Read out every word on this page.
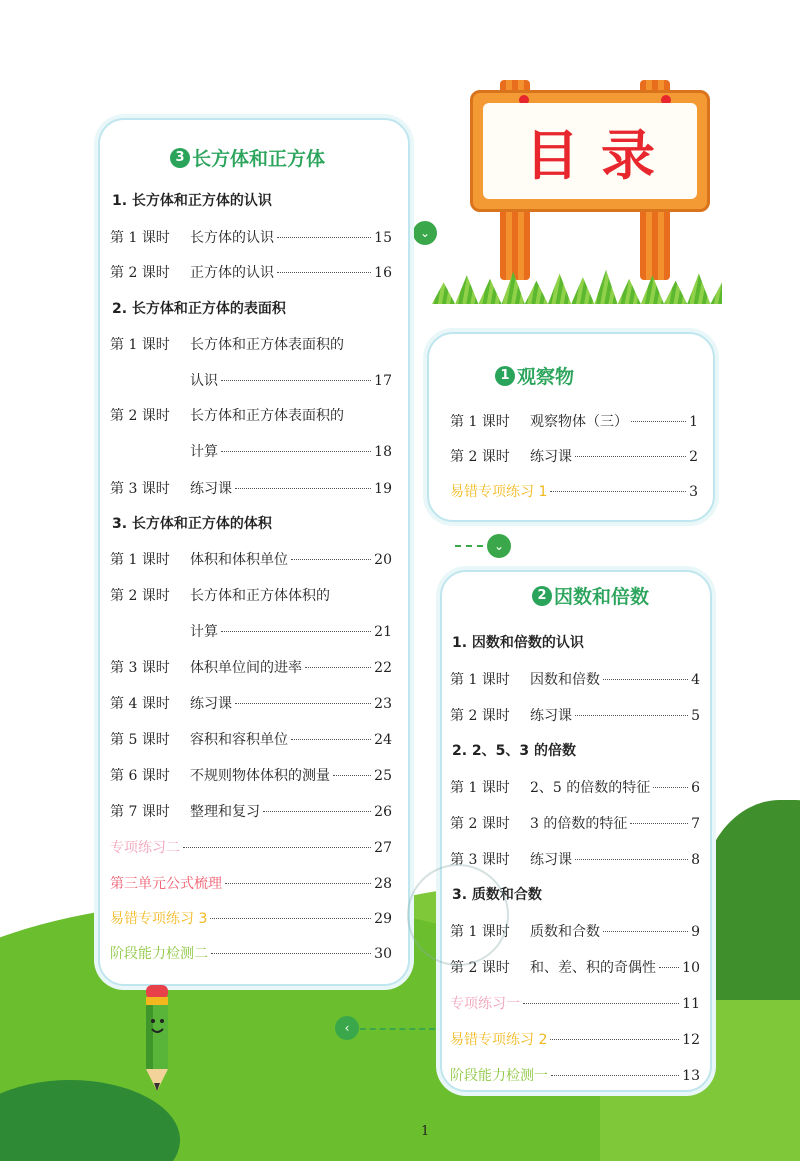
目 录
⌄
⌄
‹
3 长方体和正方体
1. 长方体和正方体的认识
第 1 课时	长方体的认识	15
第 2 课时	正方体的认识	16
2. 长方体和正方体的表面积
第 1 课时	长方体和正方体表面积的
认识	17
第 2 课时	长方体和正方体表面积的
计算	18
第 3 课时	练习课	19
3. 长方体和正方体的体积
第 1 课时	体积和体积单位	20
第 2 课时	长方体和正方体体积的
计算	21
第 3 课时	体积单位间的进率	22
第 4 课时	练习课	23
第 5 课时	容积和容积单位	24
第 6 课时	不规则物体体积的测量	25
第 7 课时	整理和复习	26
专项练习二	27
第三单元公式梳理	28
易错专项练习 3	29
阶段能力检测二	30
1 观察物
第 1 课时	观察物体（三）	1
第 2 课时	练习课	2
易错专项练习 1	3
2 因数和倍数
1. 因数和倍数的认识
第 1 课时	因数和倍数	4
第 2 课时	练习课	5
2. 2、5、3 的倍数
第 1 课时	2、5 的倍数的特征	6
第 2 课时	3 的倍数的特征	7
第 3 课时	练习课	8
3. 质数和合数
第 1 课时	质数和合数	9
第 2 课时	和、差、积的奇偶性 10
专项练习一	11
易错专项练习 2	12
阶段能力检测一	13
1
